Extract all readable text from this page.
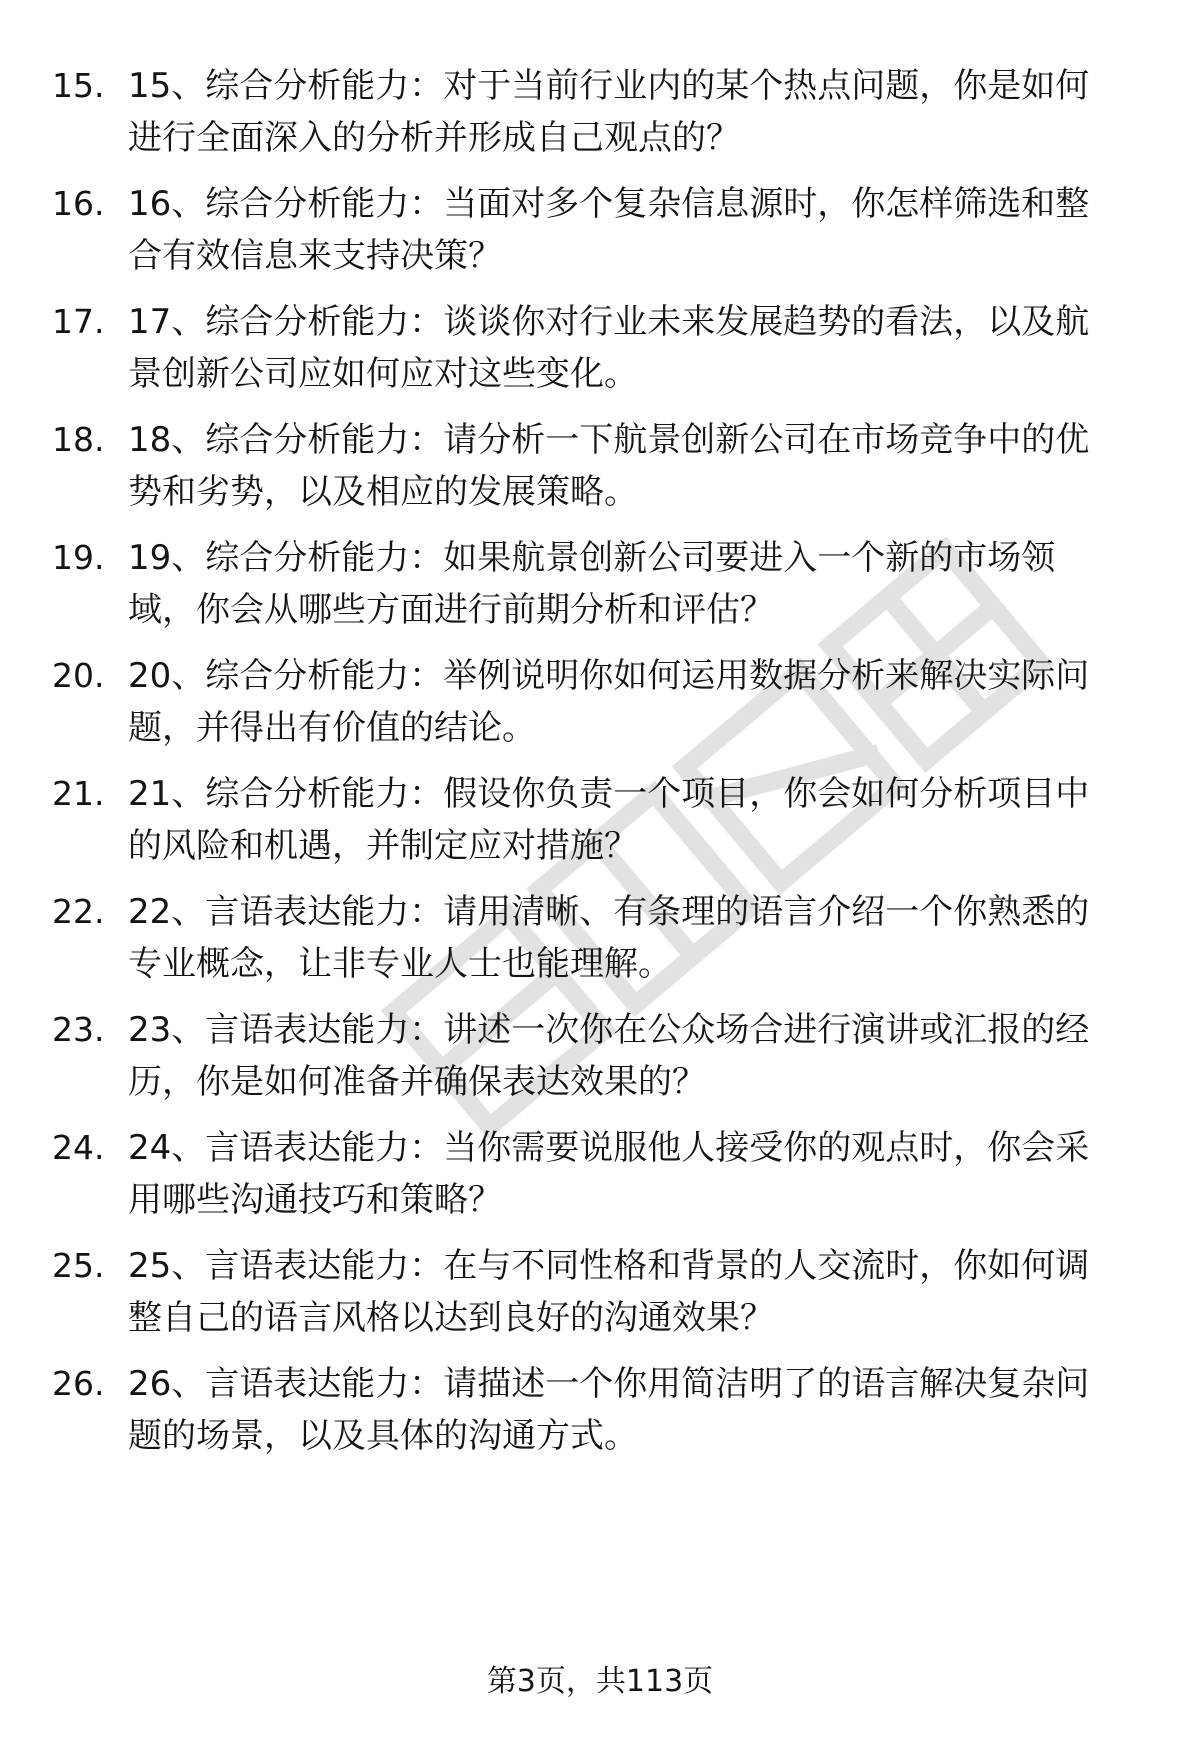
15. 15、综合分析能力：对于当前行业内的某个热点问题，你是如何
进行全面深入的分析并形成自己观点的？

16. 16、综合分析能力：当面对多个复杂信息源时，你怎样筛选和整
合有效信息来支持决策？

17. 17、综合分析能力：谈谈你对行业未来发展趋势的看法，以及航
景创新公司应如何应对这些变化。

18. 18、综合分析能力：请分析一下航景创新公司在市场竞争中的优
势和劣势，以及相应的发展策略。

19. 19、综合分析能力：如果航景创新公司要进入一个新的市场领
域，你会从哪些方面进行前期分析和评估？

20. 20、综合分析能力：举例说明你如何运用数据分析来解决实际问
题，并得出有价值的结论。

21. 21、综合分析能力：假设你负责一个项目，你会如何分析项目中
的风险和机遇，并制定应对措施？

22. 22、言语表达能力：请用清晰、有条理的语言介绍一个你熟悉的
专业概念，让非专业人士也能理解。

23. 23、言语表达能力：讲述一次你在公众场合进行演讲或汇报的经
历，你是如何准备并确保表达效果的？

24. 24、言语表达能力：当你需要说服他人接受你的观点时，你会采
用哪些沟通技巧和策略？

25. 25、言语表达能力：在与不同性格和背景的人交流时，你如何调
整自己的语言风格以达到良好的沟通效果？

26. 26、言语表达能力：请描述一个你用简洁明了的语言解决复杂问
题的场景，以及具体的沟通方式。

第3页，共113页
